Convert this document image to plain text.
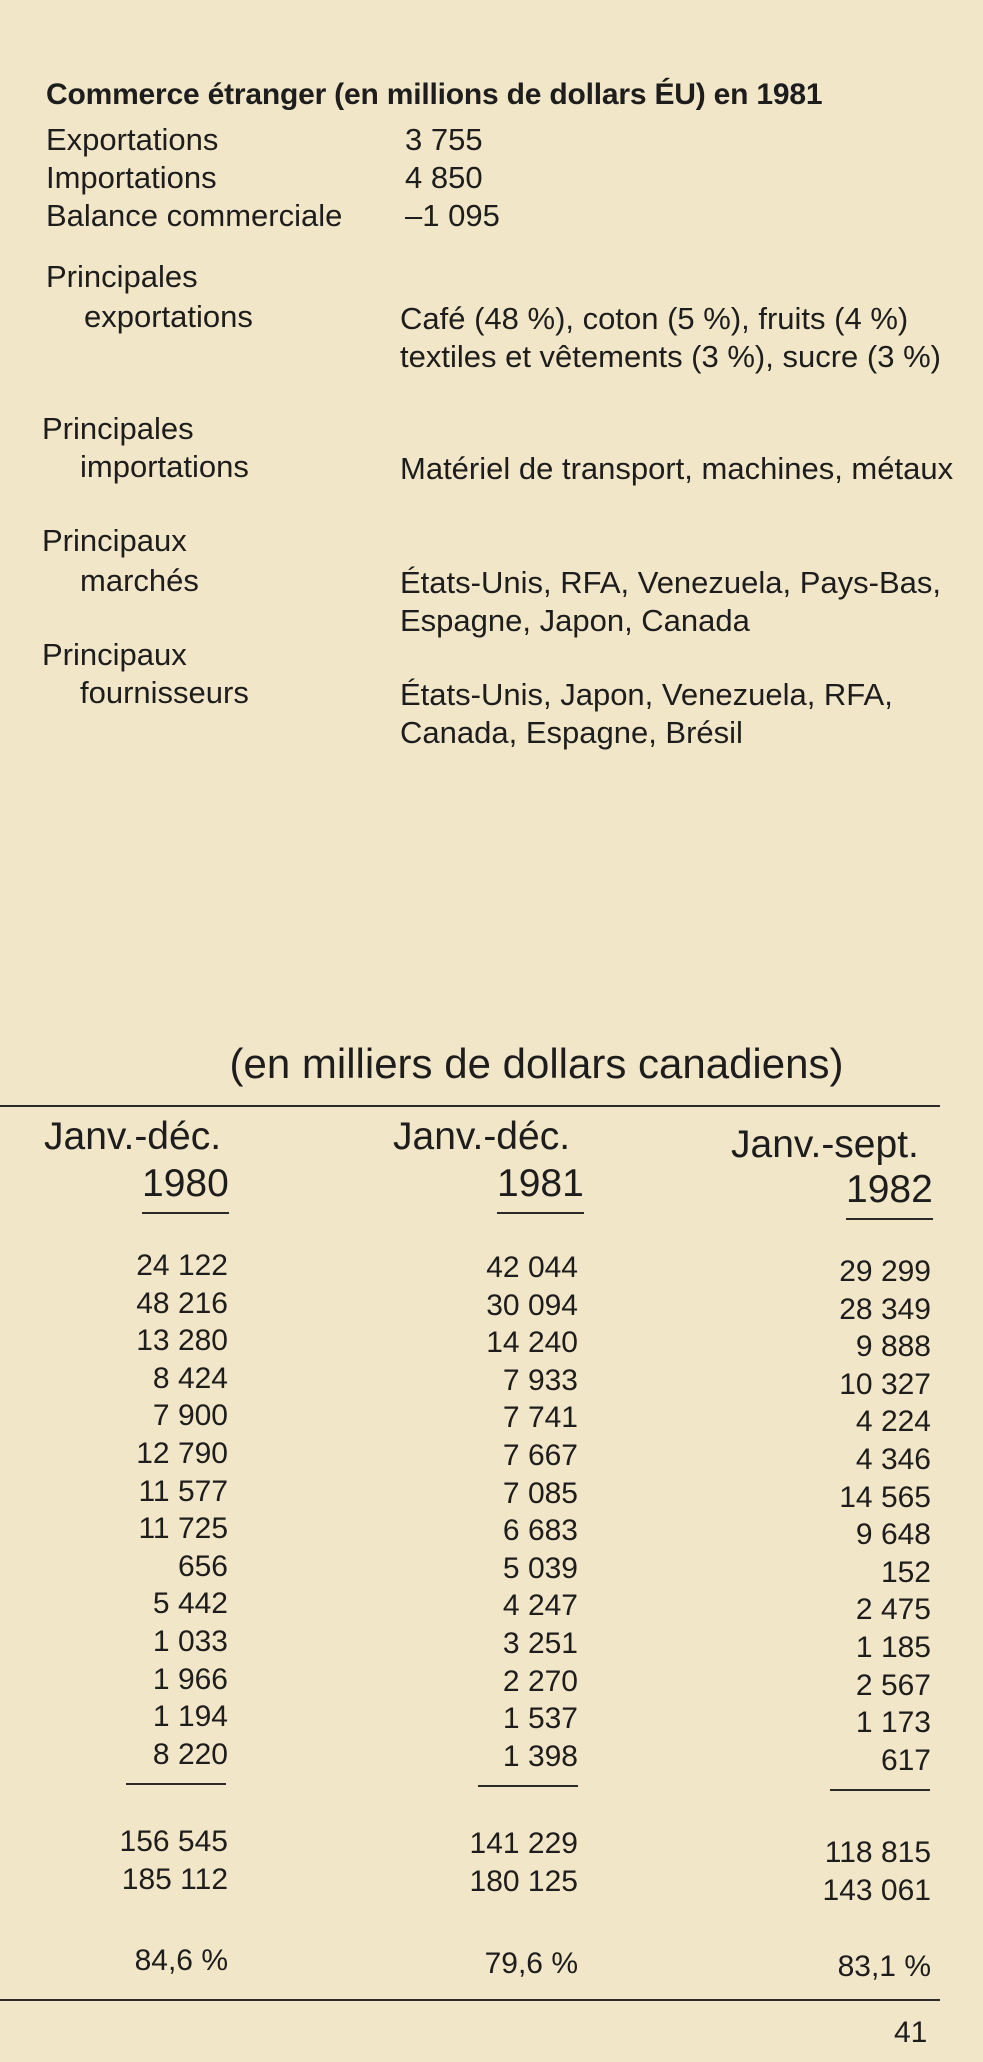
Commerce étranger (en millions de dollars ÉU) en 1981
Exportations	3 755
Importations	4 850
Balance commerciale –1 095
Principales
exportations	Café (48 %), coton (5 %), fruits (4 %) textiles et vêtements (3 %), sucre (3 %)
Principales
importations	Matériel de transport, machines, métaux
Principaux
marchés	États-Unis, RFA, Venezuela, Pays-Bas, Espagne, Japon, Canada
Principaux
fournisseurs	États-Unis, Japon, Venezuela, RFA, Canada, Espagne, Brésil
(en milliers de dollars canadiens)
Janv.-déc.
1980
Janv.-déc.
1981
Janv.-sept.
1982
24 122	42 044	29 299
48 216	30 094	28 349
13 280	14 240	9 888
8 424	7 933	10 327
7 900	7 741	4 224
12 790	7 667	4 346
11 577	7 085	14 565
11 725	6 683	9 648
656	5 039	152
5 442	4 247	2 475
1 033	3 251	1 185
1 966	2 270	2 567
1 194	1 537	1 173
8 220	1 398	617
156 545	141 229	118 815
185 112	180 125	143 061
84,6 %	79,6 %	83,1 %
41
